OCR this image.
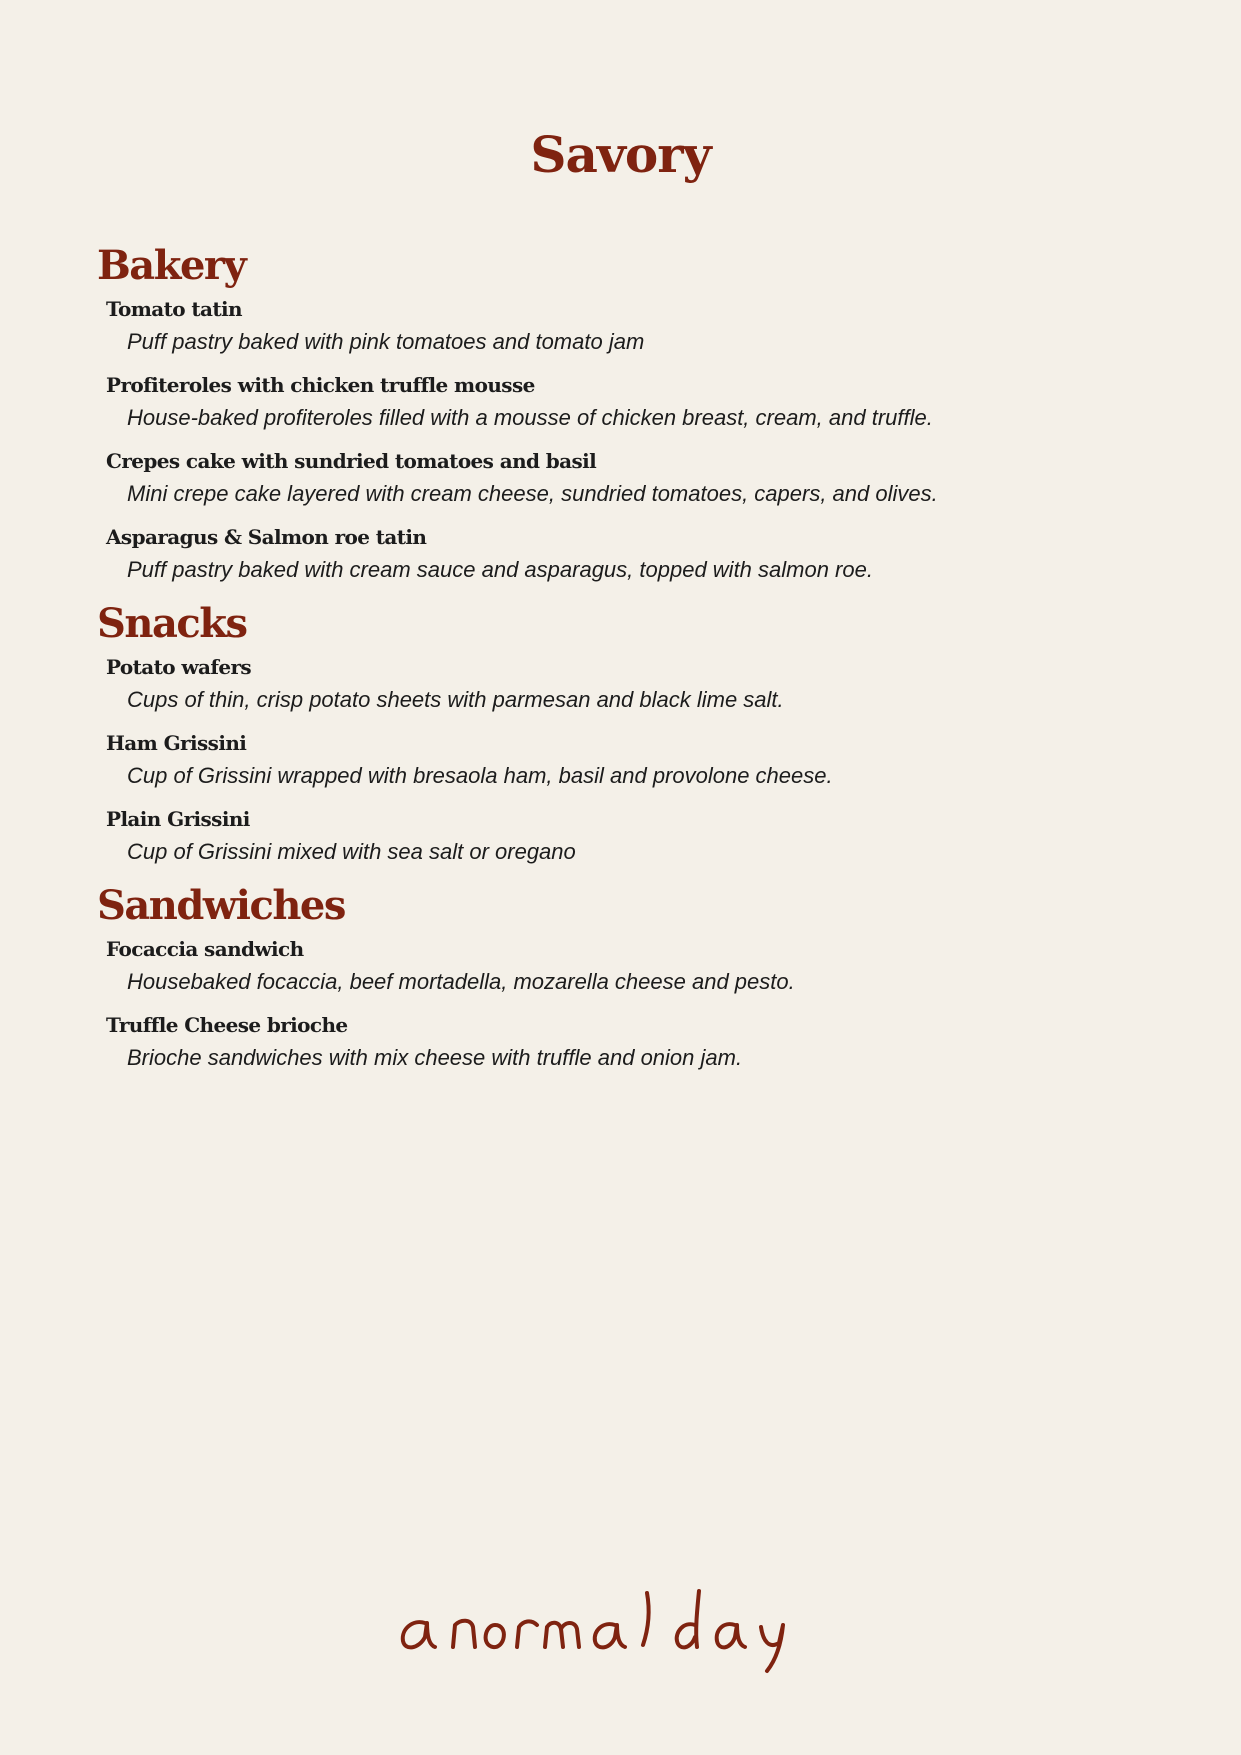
Savory
Bakery
Tomato tatin
Puff pastry baked with pink tomatoes and tomato jam
Profiteroles with chicken truffle mousse
House-baked profiteroles filled with a mousse of chicken breast, cream, and truffle.
Crepes cake with sundried tomatoes and basil
Mini crepe cake layered with cream cheese, sundried tomatoes, capers, and olives.
Asparagus & Salmon roe tatin
Puff pastry baked with cream sauce and asparagus, topped with salmon roe.
Snacks
Potato wafers
Cups of thin, crisp potato sheets with parmesan and black lime salt.
Ham Grissini
Cup of Grissini wrapped with bresaola ham, basil and provolone cheese.
Plain Grissini
Cup of Grissini mixed with sea salt or oregano
Sandwiches
Focaccia sandwich
Housebaked focaccia, beef mortadella, mozarella cheese and pesto.
Truffle Cheese brioche
Brioche sandwiches with mix cheese with truffle and onion jam.
